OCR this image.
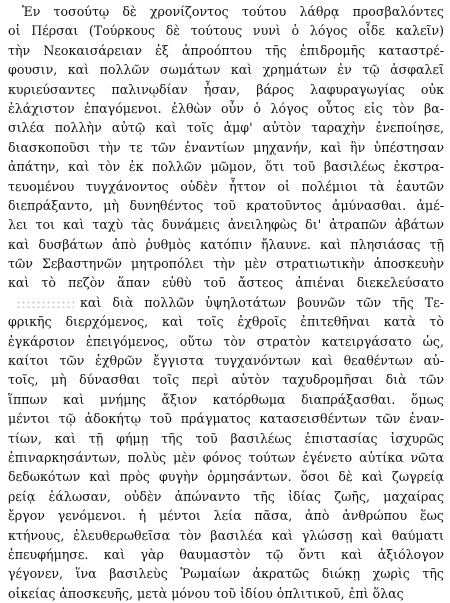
Ἐν τοσούτῳ δὲ χρονίζοντος τούτου λάθρᾳ προσβαλόντες
οἱ Πέρσαι (Τούρκους δὲ τούτους νυνὶ ὁ λόγος οἶδε καλεῖν)
τὴν Νεοκαισάρειαν ἐξ ἀπροόπτου τῆς ἐπιδρομῆς καταστρέ-
φουσιν, καὶ πολλῶν σωμάτων καὶ χρημάτων ἐν τῷ ἀσφαλεῖ
κυριεύσαντες παλινῳδίαν ἦσαν, βάρος λαφυραγωγίας οὐκ
ἐλάχιστον ἐπαγόμενοι. ἐλθὼν οὖν ὁ λόγος οὗτος εἰς τὸν βα-
σιλέα πολλὴν αὐτῷ καὶ τοῖς ἀμφ' αὐτὸν ταραχὴν ἐνεποίησε,
διασκοποῦσι τὴν τε τῶν ἐναντίων μηχανήν, καὶ ἣν ὑπέστησαν
ἀπάτην, καὶ τὸν ἐκ πολλῶν μῶμον, ὅτι τοῦ βασιλέως ἐκστρα-
τευομένου τυγχάνοντος οὐδὲν ἧττον οἱ πολέμιοι τὰ ἑαυτῶν
διεπράξαντο, μὴ δυνηθέντος τοῦ κρατοῦντος ἀμύνασθαι. ἀμέ-
λει τοι καὶ ταχὺ τὰς δυνάμεις ἀνειληφὼς δι' ἀτραπῶν ἀβάτων
καὶ δυσβάτων ἀπὸ ῥυθμὸς κατόπιν ἤλαυνε. καὶ πλησιάσας τῇ
τῶν Σεβαστηνῶν μητροπόλει τὴν μὲν στρατιωτικὴν ἀποσκευὴν
καὶ τὸ πεζὸν ἅπαν εὐθὺ τοῦ ἄστεος ἀπιέναι διεκελεύσατο
καὶ διὰ πολλῶν ὑψηλοτάτων βουνῶν τῶν τῆς Τε-
φρικῆς διερχόμενος, καὶ τοῖς ἐχθροῖς ἐπιτεθῆναι κατὰ τὸ
ἐγκάρσιον ἐπειγόμενος, οὕτω τὸν στρατὸν κατειργάσατο ὡς,
καίτοι τῶν ἐχθρῶν ἔγγιστα τυγχανόντων καὶ θεαθέντων αὐ-
τοῖς, μὴ δύνασθαι τοῖς περὶ αὐτὸν ταχυδρομῆσαι διὰ τῶν
ἵππων καὶ μνήμης ἄξιον κατόρθωμα διαπράξασθαι. ὅμως
μέντοι τῷ ἀδοκήτῳ τοῦ πράγματος κατασεισθέντων τῶν ἐναν-
τίων, καὶ τῇ φήμῃ τῆς τοῦ βασιλέως ἐπιστασίας ἰσχυρῶς
ἐπιναρκησάντων, πολὺς μὲν φόνος τούτων ἐγένετο αὐτίκα νῶτα
δεδωκότων καὶ πρὸς φυγὴν ὁρμησάντων. ὅσοι δὲ καὶ ζωγρείᾳ
ρείᾳ ἑάλωσαν, οὐδὲν ἀπώναντο τῆς ἰδίας ζωῆς, μαχαίρας
ἔργον γενόμενοι. ἡ μέντοι λεία πᾶσα, ἀπὸ ἀνθρώπου ἕως
κτήνους, ἐλευθερωθεῖσα τὸν βασιλέα καὶ γλώσσῃ καὶ θαύματι
ἐπευφήμησε. καὶ γὰρ θαυμαστὸν τῷ ὄντι καὶ ἀξιόλογον
γέγονεν, ἵνα βασιλεὺς Ῥωμαίων ἀκρατῶς διώκῃ χωρὶς τῆς
οἰκείας ἀποσκευῆς, μετὰ μόνου τοῦ ἰδίου ὁπλιτικοῦ, ἐπὶ ὅλας
